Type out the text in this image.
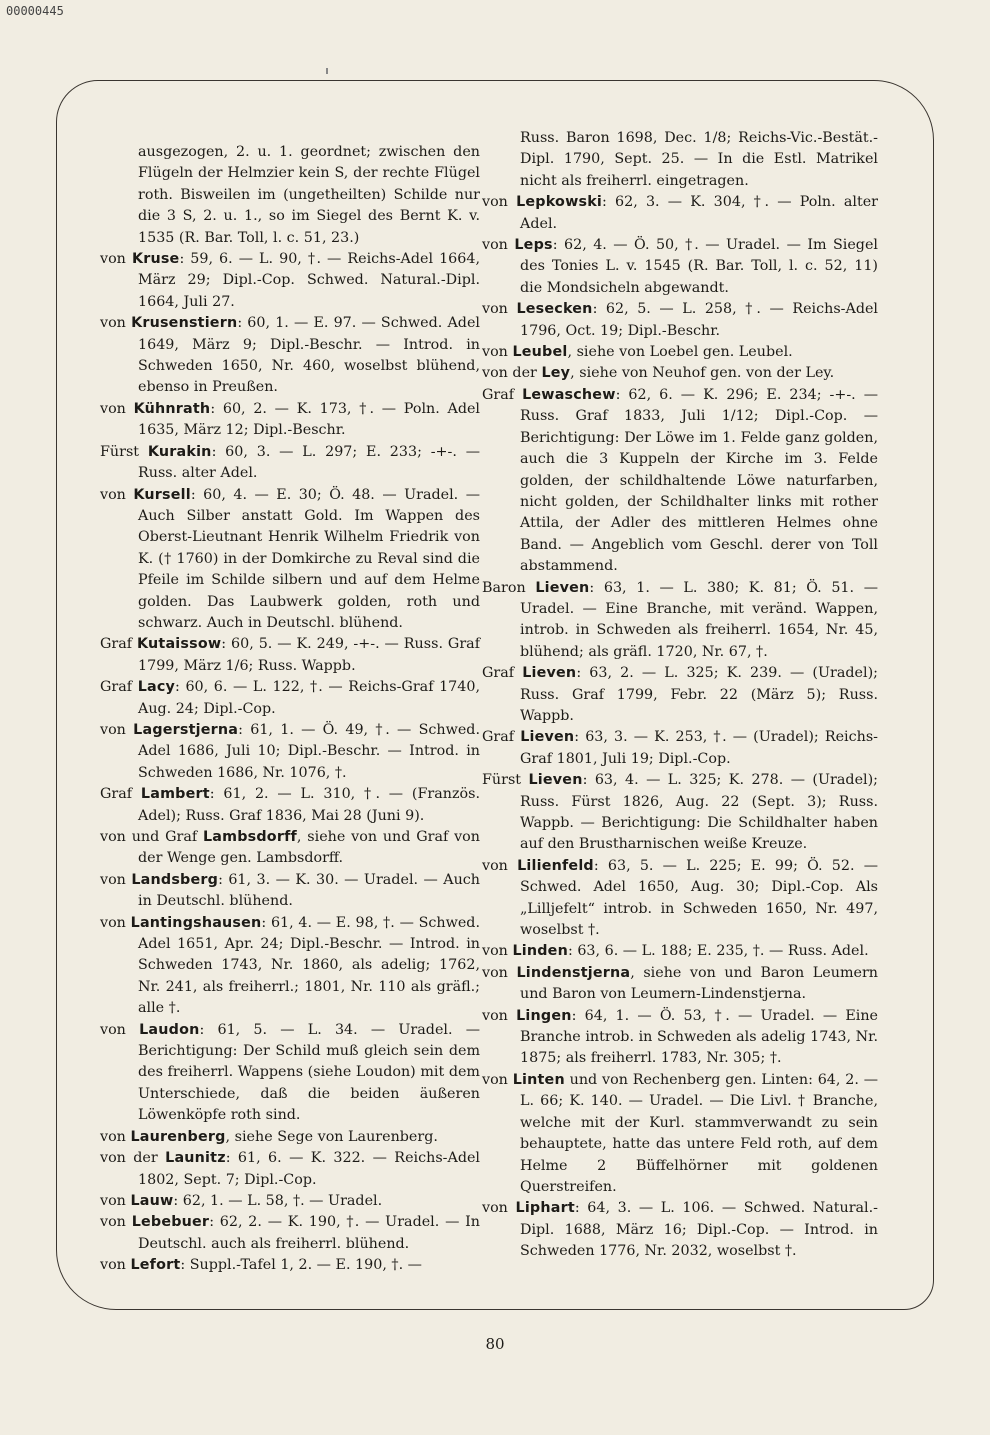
00000445

ausgezogen, 2. u. 1. geordnet; zwischen den Flügeln der Helmzier kein S, der rechte Flügel roth. Bisweilen im (ungetheilten) Schilde nur die 3 S, 2. u. 1., so im Siegel des Bernt K. v. 1535 (R. Bar. Toll, l. c. 51, 23.)

von Kruse: 59, 6. — L. 90, †. — Reichs-Adel 1664, März 29; Dipl.-Cop. Schwed. Natural.-Dipl. 1664, Juli 27.

von Krusenstiern: 60, 1. — E. 97. — Schwed. Adel 1649, März 9; Dipl.-Beschr. — Introd. in Schweden 1650, Nr. 460, woselbst blühend, ebenso in Preußen.

von Kühnrath: 60, 2. — K. 173, †. — Poln. Adel 1635, März 12; Dipl.-Beschr.

Fürst Kurakin: 60, 3. — L. 297; E. 233; -+-. — Russ. alter Adel.

von Kursell: 60, 4. — E. 30; Ö. 48. — Uradel. — Auch Silber anstatt Gold. Im Wappen des Oberst-Lieutnant Henrik Wilhelm Friedrik von K. († 1760) in der Domkirche zu Reval sind die Pfeile im Schilde silbern und auf dem Helme golden. Das Laubwerk golden, roth und schwarz. Auch in Deutschl. blühend.

Graf Kutaissow: 60, 5. — K. 249, -+-. — Russ. Graf 1799, März 1/6; Russ. Wappb.

Graf Lacy: 60, 6. — L. 122, †. — Reichs-Graf 1740, Aug. 24; Dipl.-Cop.

von Lagerstjerna: 61, 1. — Ö. 49, †. — Schwed. Adel 1686, Juli 10; Dipl.-Beschr. — Introd. in Schweden 1686, Nr. 1076, †.

Graf Lambert: 61, 2. — L. 310, †. — (Französ. Adel); Russ. Graf 1836, Mai 28 (Juni 9).

von und Graf Lambsdorff, siehe von und Graf von der Wenge gen. Lambsdorff.

von Landsberg: 61, 3. — K. 30. — Uradel. — Auch in Deutschl. blühend.

von Lantingshausen: 61, 4. — E. 98, †. — Schwed. Adel 1651, Apr. 24; Dipl.-Beschr. — Introd. in Schweden 1743, Nr. 1860, als adelig; 1762, Nr. 241, als freiherrl.; 1801, Nr. 110 als gräfl.; alle †.

von Laudon: 61, 5. — L. 34. — Uradel. — Berichtigung: Der Schild muß gleich sein dem des freiherrl. Wappens (siehe Loudon) mit dem Unterschiede, daß die beiden äußeren Löwenköpfe roth sind.

von Laurenberg, siehe Sege von Laurenberg.

von der Launitz: 61, 6. — K. 322. — Reichs-Adel 1802, Sept. 7; Dipl.-Cop.

von Lauw: 62, 1. — L. 58, †. — Uradel.

von Lebebuer: 62, 2. — K. 190, †. — Uradel. — In Deutschl. auch als freiherrl. blühend.

von Lefort: Suppl.-Tafel 1, 2. — E. 190, †. —

Russ. Baron 1698, Dec. 1/8; Reichs-Vic.-Bestät.-Dipl. 1790, Sept. 25. — In die Estl. Matrikel nicht als freiherrl. eingetragen.

von Lepkowski: 62, 3. — K. 304, †. — Poln. alter Adel.

von Leps: 62, 4. — Ö. 50, †. — Uradel. — Im Siegel des Tonies L. v. 1545 (R. Bar. Toll, l. c. 52, 11) die Mondsicheln abgewandt.

von Lesecken: 62, 5. — L. 258, †. — Reichs-Adel 1796, Oct. 19; Dipl.-Beschr.

von Leubel, siehe von Loebel gen. Leubel.

von der Ley, siehe von Neuhof gen. von der Ley.

Graf Lewaschew: 62, 6. — K. 296; E. 234; -+-. — Russ. Graf 1833, Juli 1/12; Dipl.-Cop. — Berichtigung: Der Löwe im 1. Felde ganz golden, auch die 3 Kuppeln der Kirche im 3. Felde golden, der schildhaltende Löwe naturfarben, nicht golden, der Schildhalter links mit rother Attila, der Adler des mittleren Helmes ohne Band. — Angeblich vom Geschl. derer von Toll abstammend.

Baron Lieven: 63, 1. — L. 380; K. 81; Ö. 51. — Uradel. — Eine Branche, mit veränd. Wappen, introb. in Schweden als freiherrl. 1654, Nr. 45, blühend; als gräfl. 1720, Nr. 67, †.

Graf Lieven: 63, 2. — L. 325; K. 239. — (Uradel); Russ. Graf 1799, Febr. 22 (März 5); Russ. Wappb.

Graf Lieven: 63, 3. — K. 253, †. — (Uradel); Reichs-Graf 1801, Juli 19; Dipl.-Cop.

Fürst Lieven: 63, 4. — L. 325; K. 278. — (Uradel); Russ. Fürst 1826, Aug. 22 (Sept. 3); Russ. Wappb. — Berichtigung: Die Schildhalter haben auf den Brustharnischen weiße Kreuze.

von Lilienfeld: 63, 5. — L. 225; E. 99; Ö. 52. — Schwed. Adel 1650, Aug. 30; Dipl.-Cop. Als „Lilljefelt“ introb. in Schweden 1650, Nr. 497, woselbst †.

von Linden: 63, 6. — L. 188; E. 235, †. — Russ. Adel.

von Lindenstjerna, siehe von und Baron Leumern und Baron von Leumern-Lindenstjerna.

von Lingen: 64, 1. — Ö. 53, †. — Uradel. — Eine Branche introb. in Schweden als adelig 1743, Nr. 1875; als freiherrl. 1783, Nr. 305; †.

von Linten und von Rechenberg gen. Linten: 64, 2. — L. 66; K. 140. — Uradel. — Die Livl. † Branche, welche mit der Kurl. stammverwandt zu sein behauptete, hatte das untere Feld roth, auf dem Helme 2 Büffelhörner mit goldenen Querstreifen.

von Liphart: 64, 3. — L. 106. — Schwed. Natural.-Dipl. 1688, März 16; Dipl.-Cop. — Introd. in Schweden 1776, Nr. 2032, woselbst †.

80
